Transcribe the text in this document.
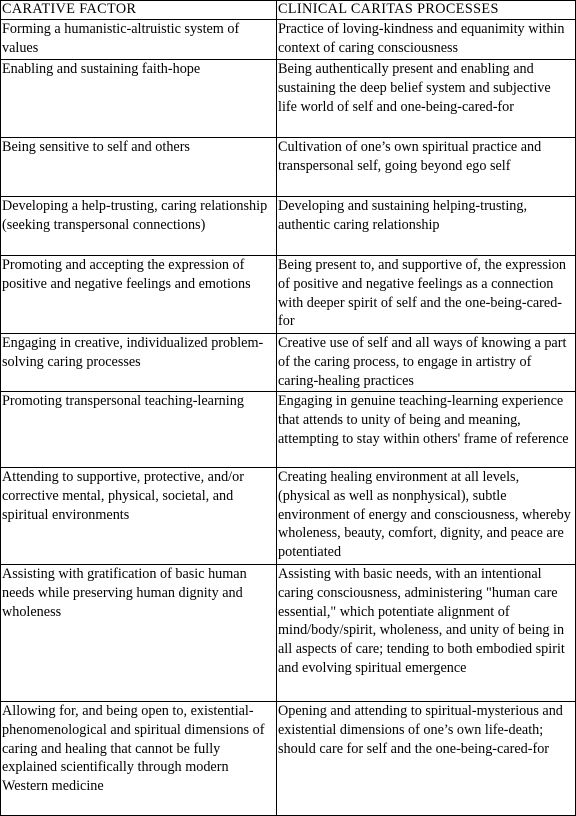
CARATIVE FACTOR	CLINICAL CARITAS PROCESSES
Forming a humanistic-altruistic system of values	Practice of loving-kindness and equanimity within context of caring consciousness
Enabling and sustaining faith-hope	Being authentically present and enabling and sustaining the deep belief system and subjective life world of self and one-being-cared-for
Being sensitive to self and others	Cultivation of one’s own spiritual practice and transpersonal self, going beyond ego self
Developing a help-trusting, caring relationship (seeking transpersonal connections)	Developing and sustaining helping-trusting, authentic caring relationship
Promoting and accepting the expression of positive and negative feelings and emotions	Being present to, and supportive of, the expression of positive and negative feelings as a connection with deeper spirit of self and the one-being-cared-for
Engaging in creative, individualized problem-solving caring processes	Creative use of self and all ways of knowing a part of the caring process, to engage in artistry of caring-healing practices
Promoting transpersonal teaching-learning	Engaging in genuine teaching-learning experience that attends to unity of being and meaning, attempting to stay within others' frame of reference
Attending to supportive, protective, and/or corrective mental, physical, societal, and spiritual environments	Creating healing environment at all levels, (physical as well as nonphysical), subtle environment of energy and consciousness, whereby wholeness, beauty, comfort, dignity, and peace are potentiated
Assisting with gratification of basic human needs while preserving human dignity and wholeness	Assisting with basic needs, with an intentional caring consciousness, administering "human care essential," which potentiate alignment of mind/body/spirit, wholeness, and unity of being in all aspects of care; tending to both embodied spirit and evolving spiritual emergence
Allowing for, and being open to, existential- phenomenological and spiritual dimensions of caring and healing that cannot be fully explained scientifically through modern Western medicine	Opening and attending to spiritual-mysterious and existential dimensions of one’s own life-death; should care for self and the one-being-cared-for
